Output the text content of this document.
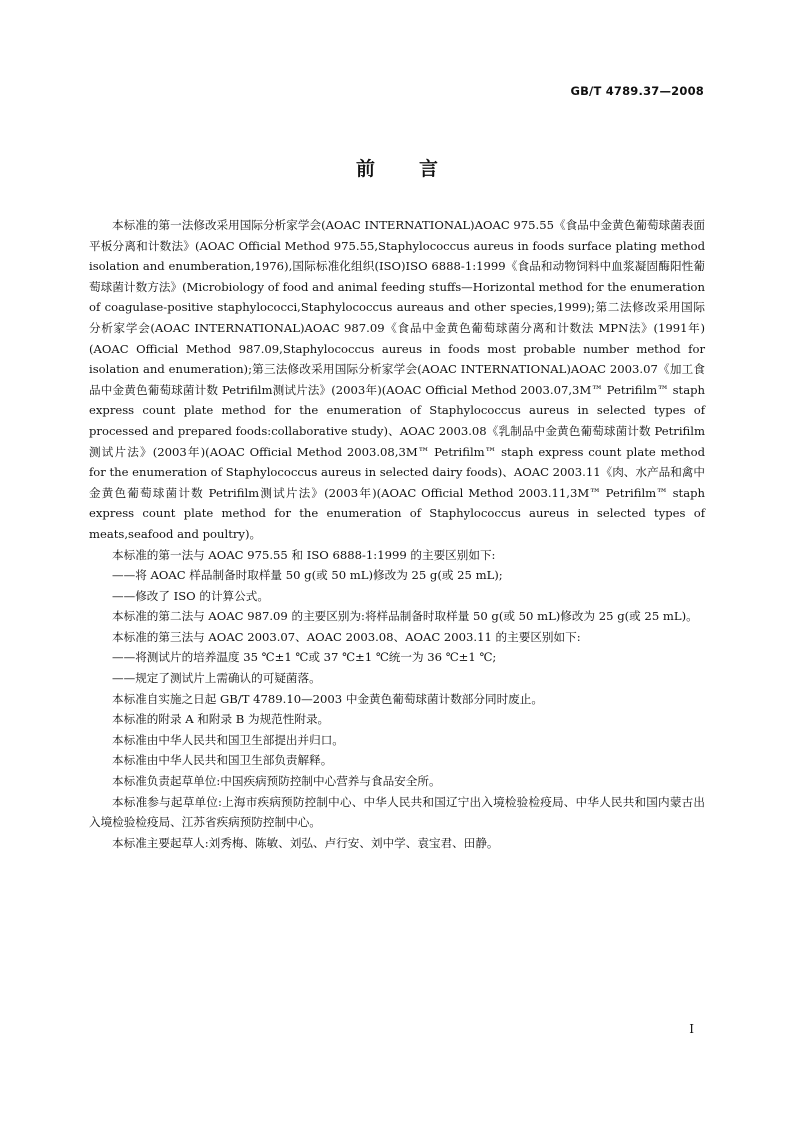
GB/T 4789.37—2008
前言

本标准的第一法修改采用国际分析家学会(AOAC INTERNATIONAL)AOAC 975.55《食品中金黄色葡萄球菌表面平板分离和计数法》(AOAC Official Method 975.55,Staphylococcus aureus in foods surface plating method isolation and enumberation,1976),国际标准化组织(ISO)ISO 6888-1:1999《食品和动物饲料中血浆凝固酶阳性葡萄球菌计数方法》(Microbiology of food and animal feeding stuffs—Horizontal method for the enumeration of coagulase-positive staphylococci,Staphylococcus aureaus and other species,1999);第二法修改采用国际分析家学会(AOAC INTERNATIONAL)AOAC 987.09《食品中金黄色葡萄球菌分离和计数法 MPN法》(1991年)(AOAC Official Method 987.09,Staphylococcus aureus in foods most probable number method for isolation and enumeration);第三法修改采用国际分析家学会(AOAC INTERNATIONAL)AOAC 2003.07《加工食品中金黄色葡萄球菌计数 Petrifilm测试片法》(2003年)(AOAC Official Method 2003.07,3M™ Petrifilm™ staph express count plate method for the enumeration of Staphylococcus aureus in selected types of processed and prepared foods:collaborative study)、AOAC 2003.08《乳制品中金黄色葡萄球菌计数 Petrifilm测试片法》(2003年)(AOAC Official Method 2003.08,3M™ Petrifilm™ staph express count plate method for the enumeration of Staphylococcus aureus in selected dairy foods)、AOAC 2003.11《肉、水产品和禽中金黄色葡萄球菌计数 Petrifilm测试片法》(2003年)(AOAC Official Method 2003.11,3M™ Petrifilm™ staph express count plate method for the enumeration of Staphylococcus aureus in selected types of meats,seafood and poultry)。

本标准的第一法与 AOAC 975.55 和 ISO 6888-1:1999 的主要区别如下:

——将 AOAC 样品制备时取样量 50 g(或 50 mL)修改为 25 g(或 25 mL);

——修改了 ISO 的计算公式。

本标准的第二法与 AOAC 987.09 的主要区别为:将样品制备时取样量 50 g(或 50 mL)修改为 25 g(或 25 mL)。

本标准的第三法与 AOAC 2003.07、AOAC 2003.08、AOAC 2003.11 的主要区别如下:

——将测试片的培养温度 35 ℃±1 ℃或 37 ℃±1 ℃统一为 36 ℃±1 ℃;

——规定了测试片上需确认的可疑菌落。

本标准自实施之日起 GB/T 4789.10—2003 中金黄色葡萄球菌计数部分同时废止。

本标准的附录 A 和附录 B 为规范性附录。

本标准由中华人民共和国卫生部提出并归口。

本标准由中华人民共和国卫生部负责解释。

本标准负责起草单位:中国疾病预防控制中心营养与食品安全所。

本标准参与起草单位:上海市疾病预防控制中心、中华人民共和国辽宁出入境检验检疫局、中华人民共和国内蒙古出入境检验检疫局、江苏省疾病预防控制中心。

本标准主要起草人:刘秀梅、陈敏、刘弘、卢行安、刘中学、袁宝君、田静。

I
